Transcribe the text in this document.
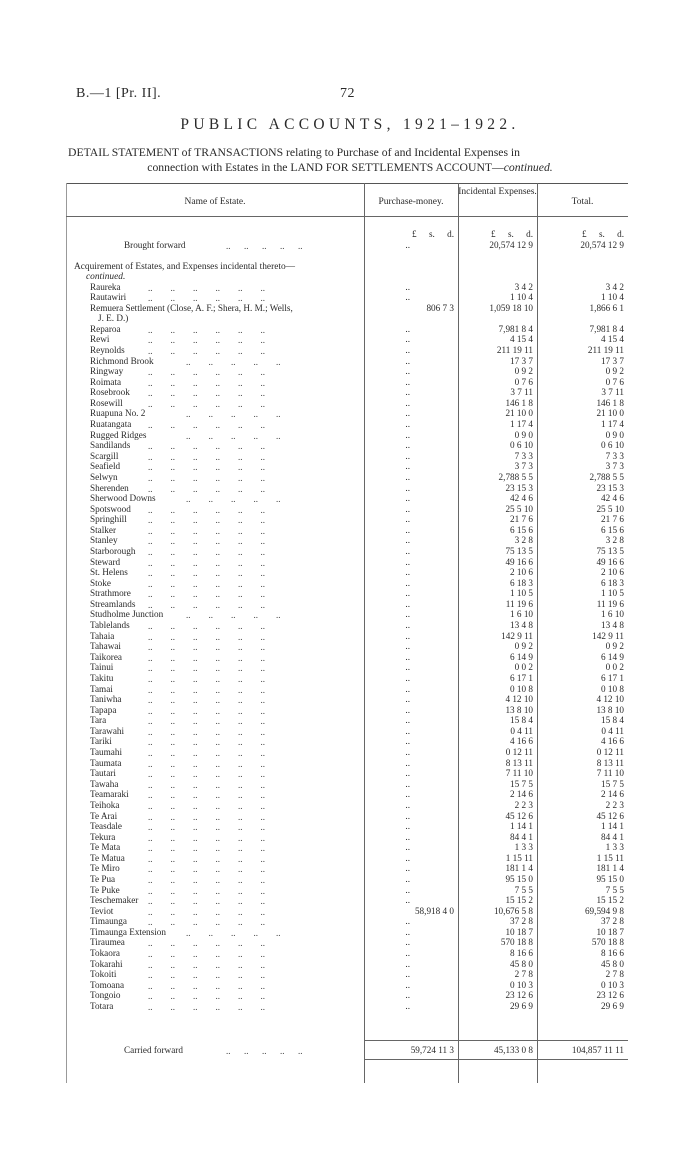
B.—1 [Pr. II].	72
PUBLIC ACCOUNTS, 1921–1922.
DETAIL STATEMENT of TRANSACTIONS relating to Purchase of and Incidental Expenses in
connection with Estates in the LAND FOR SETTLEMENTS ACCOUNT—continued.
Name of Estate.	Purchase-money.
Incidental Expenses.
Total.
£ s. d.	£ s. d.	£ s. d.
Brought forward	..      ..      ..      ..      ..	..	20,574 12 9	20,574 12 9
Acquirement of Estates, and Expenses incidental thereto—
continued.
Raureka	..        ..        ..        ..        ..        ..	..	3 4 2	3 4 2
Rautawiri ..        ..        ..        ..        ..        ..	..	1 10 4	1 10 4
Remuera Settlement (Close, A. F.; Shera, H. M.; Wells,
J. E. D.)
806 7 3	1,059 18 10	1,866 6 1
Reparoa	..        ..        ..        ..        ..        ..	..	7,981 8 4	7,981 8 4
Rewi	..        ..        ..        ..        ..        ..	..	4 15 4	4 15 4
Reynolds	..        ..        ..        ..        ..        ..	..	211 19 11	211 19 11
Richmond Brook	..        ..        ..        ..        ..	..	17 3 7	17 3 7
Ringway	..        ..        ..        ..        ..        ..	..	0 9 2	0 9 2
Roimata	..        ..        ..        ..        ..        ..	..	0 7 6	0 7 6
Rosebrook ..        ..        ..        ..        ..        ..	..	3 7 11	3 7 11
Rosewill	..        ..        ..        ..        ..        ..	..	146 1 8	146 1 8
Ruapuna No. 2	..        ..        ..        ..        ..	..	21 10 0	21 10 0
Ruatangata ..        ..        ..        ..        ..        ..	..	1 17 4	1 17 4
Rugged Ridges	..        ..        ..        ..        ..	..	0 9 0	0 9 0
Sandilands ..        ..        ..        ..        ..        ..	..	0 6 10	0 6 10
Scargill	..        ..        ..        ..        ..        ..	..	7 3 3	7 3 3
Seafield	..        ..        ..        ..        ..        ..	..	3 7 3	3 7 3
Selwyn	..        ..        ..        ..        ..        ..	..	2,788 5 5	2,788 5 5
Sherenden ..        ..        ..        ..        ..        ..	..	23 15 3	23 15 3
Sherwood Downs	..        ..        ..        ..        ..	..	42 4 6	42 4 6
Spotswood ..        ..        ..        ..        ..        ..	..	25 5 10	25 5 10
Springhill ..        ..        ..        ..        ..        ..	..	21 7 6	21 7 6
Stalker	..        ..        ..        ..        ..        ..	..	6 15 6	6 15 6
Stanley	..        ..        ..        ..        ..        ..	..	3 2 8	3 2 8
Starborough ..        ..        ..        ..        ..        ..	..	75 13 5	75 13 5
Steward	..        ..        ..        ..        ..        ..	..	49 16 6	49 16 6
St. Helens ..        ..        ..        ..        ..        ..	..	2 10 6	2 10 6
Stoke	..        ..        ..        ..        ..        ..	..	6 18 3	6 18 3
Strathmore ..        ..        ..        ..        ..        ..	..	1 10 5	1 10 5
Streamlands ..        ..        ..        ..        ..        ..	..	11 19 6	11 19 6
Studholme Junction	..        ..        ..        ..        ..	..	1 6 10	1 6 10
Tablelands ..        ..        ..        ..        ..        ..	..	13 4 8	13 4 8
Tahaia	..        ..        ..        ..        ..        ..	..	142 9 11	142 9 11
Tahawai	..        ..        ..        ..        ..        ..	..	0 9 2	0 9 2
Taikorea	..        ..        ..        ..        ..        ..	..	6 14 9	6 14 9
Tainui	..        ..        ..        ..        ..        ..	..	0 0 2	0 0 2
Takitu	..        ..        ..        ..        ..        ..	..	6 17 1	6 17 1
Tamai	..        ..        ..        ..        ..        ..	..	0 10 8	0 10 8
Taniwha	..        ..        ..        ..        ..        ..	..	4 12 10	4 12 10
Tapapa	..        ..        ..        ..        ..        ..	..	13 8 10	13 8 10
Tara	..        ..        ..        ..        ..        ..	..	15 8 4	15 8 4
Tarawahi	..        ..        ..        ..        ..        ..	..	0 4 11	0 4 11
Tariki	..        ..        ..        ..        ..        ..	..	4 16 6	4 16 6
Taumahi	..        ..        ..        ..        ..        ..	..	0 12 11	0 12 11
Taumata	..        ..        ..        ..        ..        ..	..	8 13 11	8 13 11
Tautari	..        ..        ..        ..        ..        ..	..	7 11 10	7 11 10
Tawaha	..        ..        ..        ..        ..        ..	..	15 7 5	15 7 5
Teamaraki ..        ..        ..        ..        ..        ..	..	2 14 6	2 14 6
Teihoka	..        ..        ..        ..        ..        ..	..	2 2 3	2 2 3
Te Arai	..        ..        ..        ..        ..        ..	..	45 12 6	45 12 6
Teasdale	..        ..        ..        ..        ..        ..	..	1 14 1	1 14 1
Tekura	..        ..        ..        ..        ..        ..	..	84 4 1	84 4 1
Te Mata	..        ..        ..        ..        ..        ..	..	1 3 3	1 3 3
Te Matua	..        ..        ..        ..        ..        ..	..	1 15 11	1 15 11
Te Miro	..        ..        ..        ..        ..        ..	..	181 1 4	181 1 4
Te Pua	..        ..        ..        ..        ..        ..	..	95 15 0	95 15 0
Te Puke	..        ..        ..        ..        ..        ..	..	7 5 5	7 5 5
Teschemaker ..        ..        ..        ..        ..        ..	..	15 15 2	15 15 2
Teviot	..        ..        ..        ..        ..        ..	58,918 4 0	10,676 5 8	69,594 9 8
Timaunga ..        ..        ..        ..        ..        ..	..	37 2 8	37 2 8
Timaunga Extension ..        ..        ..        ..        ..	..	10 18 7	10 18 7
Tiraumea	..        ..        ..        ..        ..        ..	..	570 18 8	570 18 8
Tokaora	..        ..        ..        ..        ..        ..	..	8 16 6	8 16 6
Tokarahi	..        ..        ..        ..        ..        ..	..	45 8 0	45 8 0
Tokoiti	..        ..        ..        ..        ..        ..	..	2 7 8	2 7 8
Tomoana	..        ..        ..        ..        ..        ..	..	0 10 3	0 10 3
Tongoio	..        ..        ..        ..        ..        ..	..	23 12 6	23 12 6
Totara	..        ..        ..        ..        ..        ..	..	29 6 9	29 6 9
Carried forward	..      ..      ..      ..      ..	59,724 11 3	45,133 0 8	104,857 11 11
